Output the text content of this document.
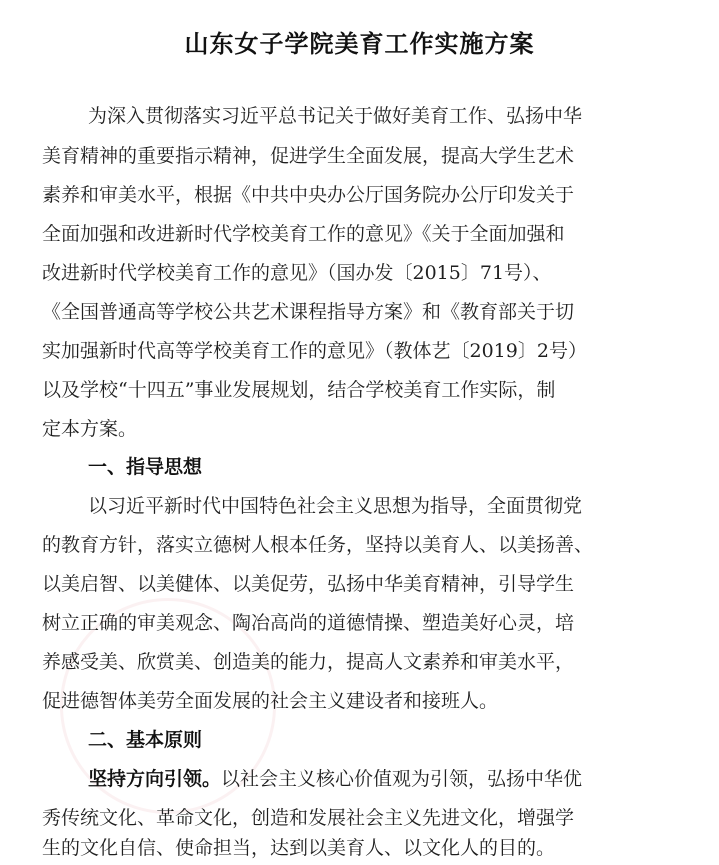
山东女子学院美育工作实施方案
为深入贯彻落实习近平总书记关于做好美育工作、弘扬中华
美育精神的重要指示精神，促进学生全面发展，提高大学生艺术
素养和审美水平，根据《中共中央办公厅国务院办公厅印发关于
全面加强和改进新时代学校美育工作的意见》《关于全面加强和
改进新时代学校美育工作的意见》（国办发〔2015〕71号）、
《全国普通高等学校公共艺术课程指导方案》和《教育部关于切
实加强新时代高等学校美育工作的意见》（教体艺〔2019〕2号）
以及学校“十四五”事业发展规划，结合学校美育工作实际，制
定本方案。
一、指导思想
以习近平新时代中国特色社会主义思想为指导，全面贯彻党
的教育方针，落实立德树人根本任务，坚持以美育人、以美扬善、
以美启智、以美健体、以美促劳，弘扬中华美育精神，引导学生
树立正确的审美观念、陶冶高尚的道德情操、塑造美好心灵，培
养感受美、欣赏美、创造美的能力，提高人文素养和审美水平，
促进德智体美劳全面发展的社会主义建设者和接班人。
二、基本原则
坚持方向引领。以社会主义核心价值观为引领，弘扬中华优
秀传统文化、革命文化，创造和发展社会主义先进文化，增强学
生的文化自信、使命担当，达到以美育人、以文化人的目的。
